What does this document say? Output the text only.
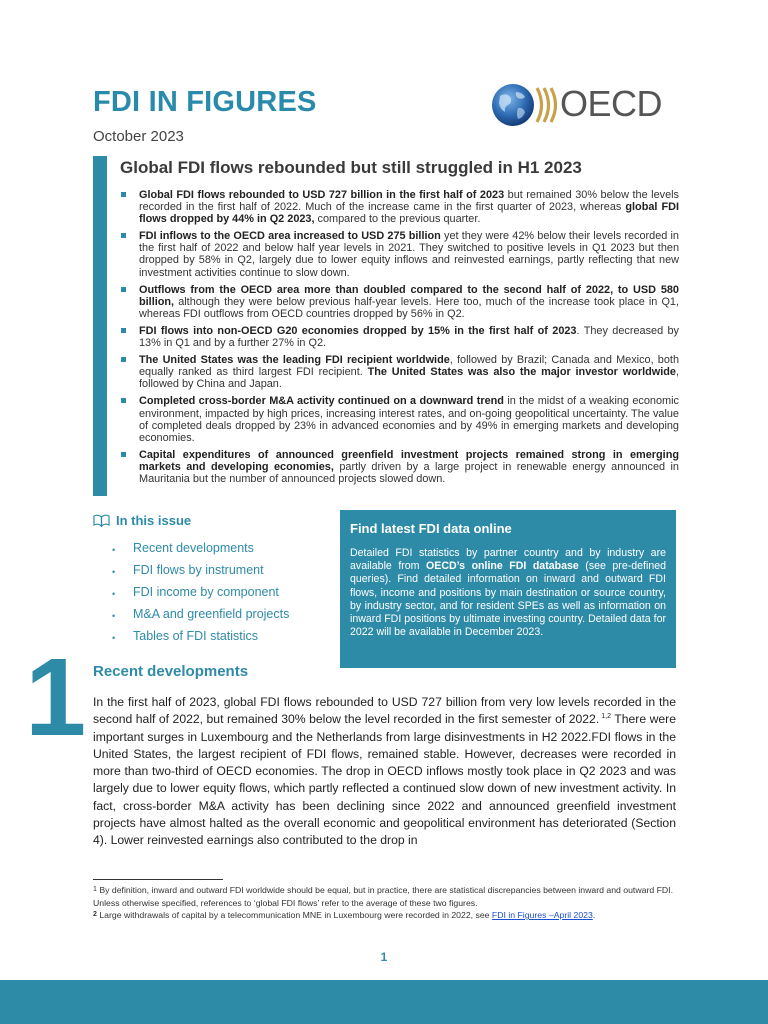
FDI IN FIGURES
October 2023
OECD
Global FDI flows rebounded but still struggled in H1 2023
Global FDI flows rebounded to USD 727 billion in the first half of 2023 but remained 30% below the levels recorded in the first half of 2022. Much of the increase came in the first quarter of 2023, whereas global FDI flows dropped by 44% in Q2 2023, compared to the previous quarter.
FDI inflows to the OECD area increased to USD 275 billion yet they were 42% below their levels recorded in the first half of 2022 and below half year levels in 2021. They switched to positive levels in Q1 2023 but then dropped by 58% in Q2, largely due to lower equity inflows and reinvested earnings, partly reflecting that new investment activities continue to slow down.
Outflows from the OECD area more than doubled compared to the second half of 2022, to USD 580 billion, although they were below previous half-year levels. Here too, much of the increase took place in Q1, whereas FDI outflows from OECD countries dropped by 56% in Q2.
FDI flows into non-OECD G20 economies dropped by 15% in the first half of 2023. They decreased by 13% in Q1 and by a further 27% in Q2.
The United States was the leading FDI recipient worldwide, followed by Brazil; Canada and Mexico, both equally ranked as third largest FDI recipient. The United States was also the major investor worldwide, followed by China and Japan.
Completed cross-border M&A activity continued on a downward trend in the midst of a weaking economic environment, impacted by high prices, increasing interest rates, and on-going geopolitical uncertainty. The value of completed deals dropped by 23% in advanced economies and by 49% in emerging markets and developing economies.
Capital expenditures of announced greenfield investment projects remained strong in emerging markets and developing economies, partly driven by a large project in renewable energy announced in Mauritania but the number of announced projects slowed down.
In this issue
• Recent developments
• FDI flows by instrument
• FDI income by component
• M&A and greenfield projects
• Tables of FDI statistics
Find latest FDI data online
Detailed FDI statistics by partner country and by industry are available from OECD’s online FDI database (see pre-defined queries). Find detailed information on inward and outward FDI flows, income and positions by main destination or source country, by industry sector, and for resident SPEs as well as information on inward FDI positions by ultimate investing country. Detailed data for 2022 will be available in December 2023.
1 Recent developments
In the first half of 2023, global FDI flows rebounded to USD 727 billion from very low levels recorded in the second half of 2022, but remained 30% below the level recorded in the first semester of 2022. $^{1,2}$ There were important surges in Luxembourg and the Netherlands from large disinvestments in H2 2022.FDI flows in the United States, the largest recipient of FDI flows, remained stable. However, decreases were recorded in more than two-third of OECD economies. The drop in OECD inflows mostly took place in Q2 2023 and was largely due to lower equity flows, which partly reflected a continued slow down of new investment activity. In fact, cross-border M&A activity has been declining since 2022 and announced greenfield investment projects have almost halted as the overall economic and geopolitical environment has deteriorated (Section 4). Lower reinvested earnings also contributed to the drop in
$^1$ By definition, inward and outward FDI worldwide should be equal, but in practice, there are statistical discrepancies between inward and outward FDI. Unless otherwise specified, references to ‘global FDI flows’ refer to the average of these two figures.
$^2$ Large withdrawals of capital by a telecommunication MNE in Luxembourg were recorded in 2022, see FDI in Figures –April 2023.
1
